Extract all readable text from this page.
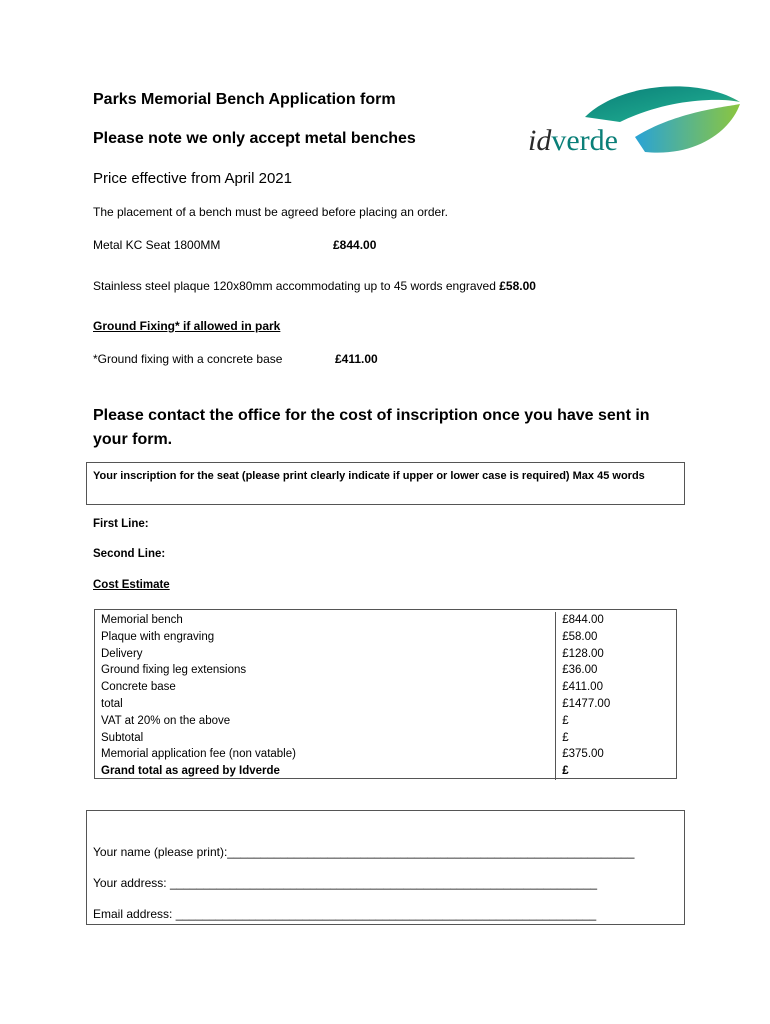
Parks Memorial Bench Application form
Please note we only accept metal benches
Price effective from April 2021
The placement of a bench must be agreed before placing an order.
idverde
Metal KC Seat 1800MM	£844.00
Stainless steel plaque 120x80mm accommodating up to 45 words engraved £58.00
Ground Fixing* if allowed in park
*Ground fixing with a concrete base	£411.00
Please contact the office for the cost of inscription once you have sent in your form.
Your inscription for the seat (please print clearly indicate if upper or lower case is required) Max 45 words
First Line:
Second Line:
Cost Estimate
Memorial bench	£844.00
Plaque with engraving	£58.00
Delivery	£128.00
Ground fixing leg extensions	£36.00
Concrete base	£411.00
total	£1477.00
VAT at 20% on the above	£
Subtotal	£
Memorial application fee (non vatable)	£375.00
Grand total as agreed by Idverde	£
Your name (please print):_____________________________________________________________
Your address: ________________________________________________________________
Email address: _______________________________________________________________
